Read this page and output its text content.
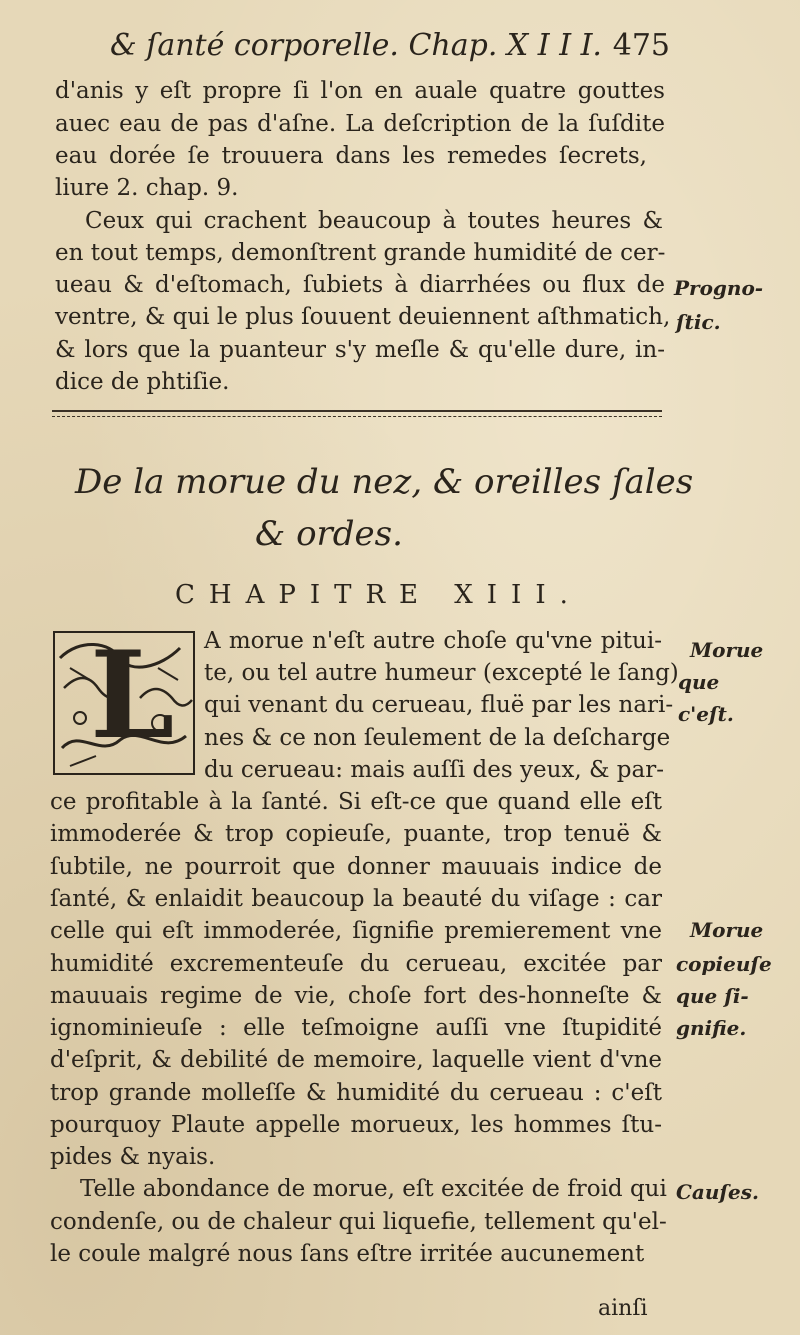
& ſanté corporelle. Chap. X I I I. 475
d'anis y eſt propre ſi l'on en auale quatre gouttes
auec eau de pas d'aſne. La deſcription de la ſuſdite
eau dorée ſe trouuera dans les remedes ſecrets,
liure 2. chap. 9.
Ceux qui crachent beaucoup à toutes heures &
en tout temps, demonſtrent grande humidité de cer-
ueau & d'eſtomach, ſubiets à diarrhées ou flux de
ventre, & qui le plus ſouuent deuiennent aſthmatich,
& lors que la puanteur s'y meſle & qu'elle dure, in-
dice de phtiſie.
Progno-
ſtic.
De la morue du nez, & oreilles ſales
& ordes.
CHAPITRE XIII.
L A morue n'eſt autre choſe qu'vne pitui-
te, ou tel autre humeur (excepté le ſang)
qui venant du cerueau, fluë par les nari-
nes & ce non ſeulement de la deſcharge
du cerueau: mais auſſi des yeux, & par-
ce profitable à la ſanté. Si eſt-ce que quand elle eſt
immoderée & trop copieuſe, puante, trop tenuë &
ſubtile, ne pourroit que donner mauuais indice de
ſanté, & enlaidit beaucoup la beauté du viſage : car
celle qui eſt immoderée, ſignifie premierement vne
humidité excrementeuſe du cerueau, excitée par
mauuais regime de vie, choſe fort des-honneſte &
ignominieuſe : elle teſmoigne auſſi vne ſtupidité
d'eſprit, & debilité de memoire, laquelle vient d'vne
trop grande molleſſe & humidité du cerueau : c'eſt
pourquoy Plaute appelle morueux, les hommes ſtu-
pides & nyais.
Telle abondance de morue, eſt excitée de froid qui
condenſe, ou de chaleur qui liquefie, tellement qu'el-
le coule malgré nous ſans eſtre irritée aucunement
ainſi
Morue
que
c'eſt.
Morue
copieuſe
que ſi-
gnifie.
Cauſes.
